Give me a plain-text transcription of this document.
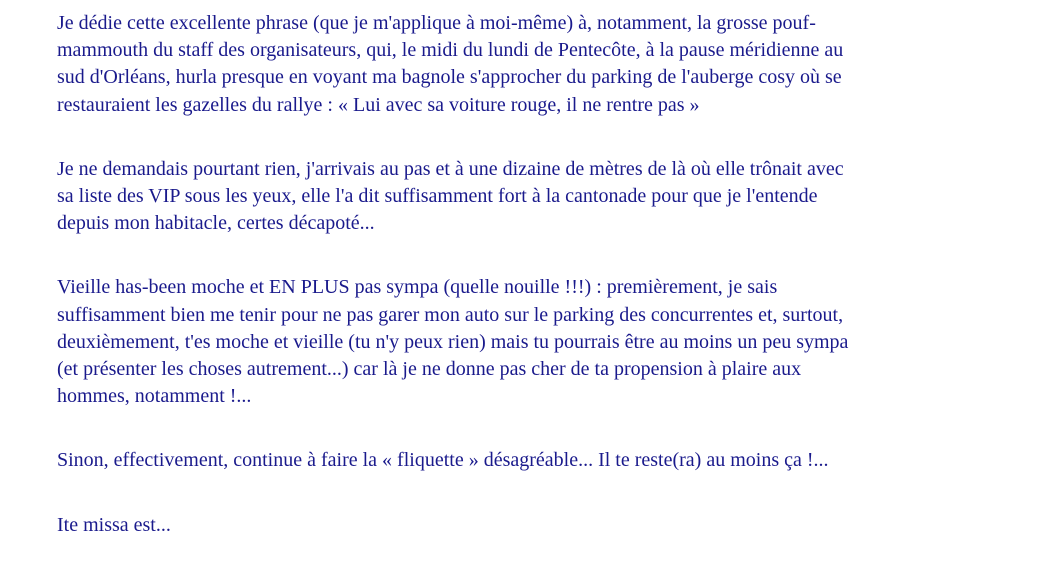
Je dédie cette excellente phrase (que je m'applique à moi-même) à, notamment, la grosse pouf-
mammouth du staff des organisateurs, qui, le midi du lundi de Pentecôte, à la pause méridienne au
sud d'Orléans, hurla presque en voyant ma bagnole s'approcher du parking de l'auberge cosy où se
restauraient les gazelles du rallye : « Lui avec sa voiture rouge, il ne rentre pas »

Je ne demandais pourtant rien, j'arrivais au pas et à une dizaine de mètres de là où elle trônait avec
sa liste des VIP sous les yeux, elle l'a dit suffisamment fort à la cantonade pour que je l'entende
depuis mon habitacle, certes décapoté...

Vieille has-been moche et EN PLUS pas sympa (quelle nouille !!!) : premièrement, je sais
suffisamment bien me tenir pour ne pas garer mon auto sur le parking des concurrentes et, surtout,
deuxièmement, t'es moche et vieille (tu n'y peux rien) mais tu pourrais être au moins un peu sympa
(et présenter les choses autrement...) car là je ne donne pas cher de ta propension à plaire aux
hommes, notamment !...

Sinon, effectivement, continue à faire la « fliquette » désagréable... Il te reste(ra) au moins ça !...

Ite missa est...
